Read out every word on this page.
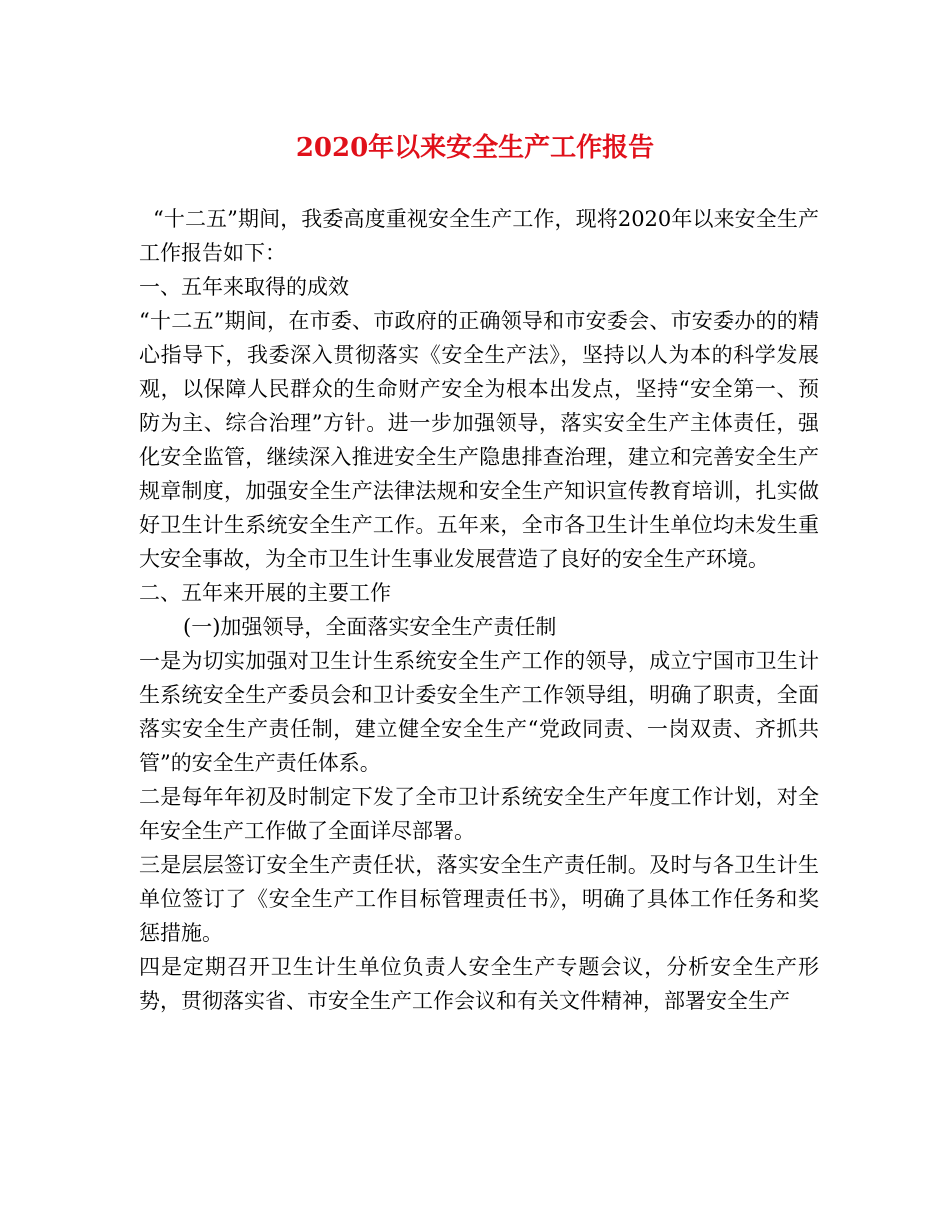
2020年以来安全生产工作报告

“十二五”期间，我委高度重视安全生产工作，现将2020年以来安全生产工作报告如下：

一、五年来取得的成效

“十二五”期间，在市委、市政府的正确领导和市安委会、市安委办的的精心指导下，我委深入贯彻落实《安全生产法》，坚持以人为本的科学发展观，以保障人民群众的生命财产安全为根本出发点，坚持“安全第一、预防为主、综合治理”方针。进一步加强领导，落实安全生产主体责任，强化安全监管，继续深入推进安全生产隐患排查治理，建立和完善安全生产规章制度，加强安全生产法律法规和安全生产知识宣传教育培训，扎实做好卫生计生系统安全生产工作。五年来，全市各卫生计生单位均未发生重大安全事故，为全市卫生计生事业发展营造了良好的安全生产环境。

二、五年来开展的主要工作

(一)加强领导，全面落实安全生产责任制

一是为切实加强对卫生计生系统安全生产工作的领导，成立宁国市卫生计生系统安全生产委员会和卫计委安全生产工作领导组，明确了职责，全面落实安全生产责任制，建立健全安全生产“党政同责、一岗双责、齐抓共管”的安全生产责任体系。

二是每年年初及时制定下发了全市卫计系统安全生产年度工作计划，对全年安全生产工作做了全面详尽部署。

三是层层签订安全生产责任状，落实安全生产责任制。及时与各卫生计生单位签订了《安全生产工作目标管理责任书》，明确了具体工作任务和奖惩措施。

四是定期召开卫生计生单位负责人安全生产专题会议，分析安全生产形势，贯彻落实省、市安全生产工作会议和有关文件精神，部署安全生产
